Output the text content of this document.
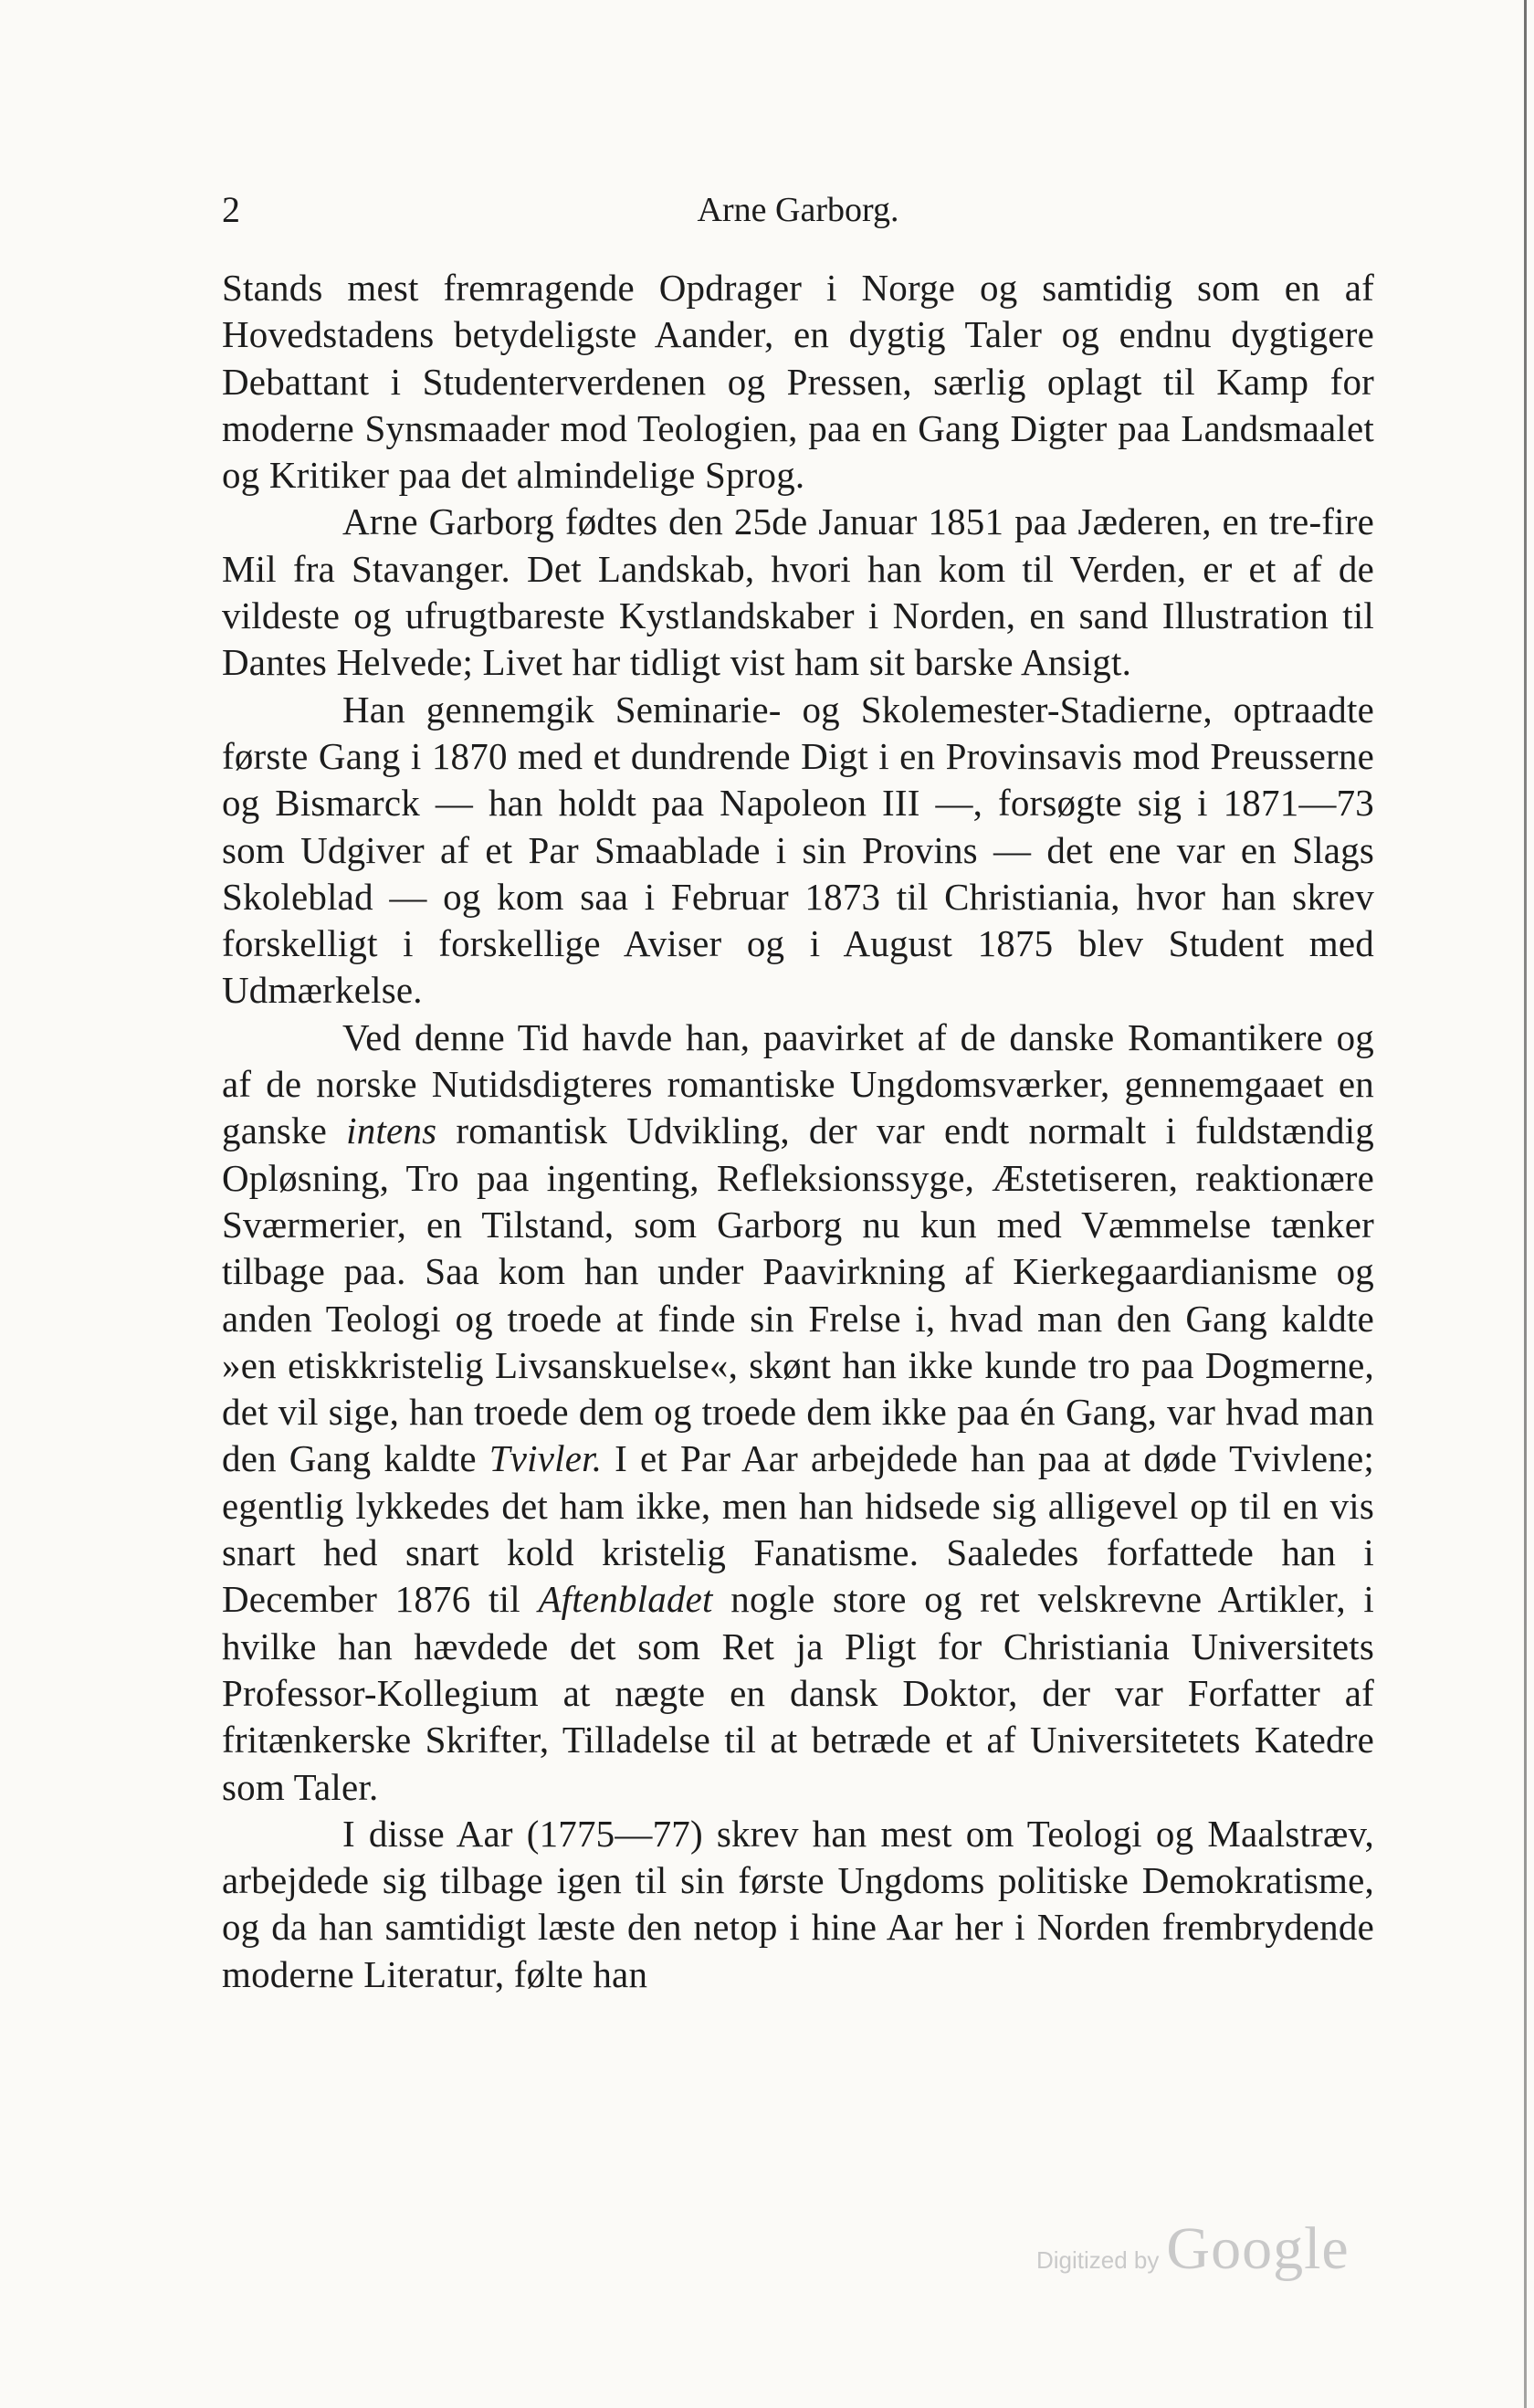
2	Arne Garborg.

Stands mest fremragende Opdrager i Norge og samtidig som en af Hovedstadens betydeligste Aander, en dygtig Taler og endnu dygtigere Debattant i Studenterverdenen og Pressen, særlig oplagt til Kamp for moderne Synsmaader mod Teologien, paa en Gang Digter paa Landsmaalet og Kritiker paa det almindelige Sprog.

Arne Garborg fødtes den 25de Januar 1851 paa Jæderen, en tre-fire Mil fra Stavanger. Det Landskab, hvori han kom til Verden, er et af de vildeste og ufrugtbareste Kystlandskaber i Norden, en sand Illustration til Dantes Helvede; Livet har tidligt vist ham sit barske Ansigt.

Han gennemgik Seminarie- og Skolemester-Stadierne, optraadte første Gang i 1870 med et dundrende Digt i en Provinsavis mod Preusserne og Bismarck — han holdt paa Napoleon III —, forsøgte sig i 1871—73 som Udgiver af et Par Smaablade i sin Provins — det ene var en Slags Skoleblad — og kom saa i Februar 1873 til Christiania, hvor han skrev forskelligt i forskellige Aviser og i August 1875 blev Student med Udmærkelse.

Ved denne Tid havde han, paavirket af de danske Romantikere og af de norske Nutidsdigteres romantiske Ungdomsværker, gennemgaaet en ganske intens romantisk Udvikling, der var endt normalt i fuldstændig Opløsning, Tro paa ingenting, Refleksionssyge, Æstetiseren, reaktionære Sværmerier, en Tilstand, som Garborg nu kun med Væmmelse tænker tilbage paa. Saa kom han under Paavirkning af Kierkegaardianisme og anden Teologi og troede at finde sin Frelse i, hvad man den Gang kaldte »en etiskkristelig Livsanskuelse«, skønt han ikke kunde tro paa Dogmerne, det vil sige, han troede dem og troede dem ikke paa én Gang, var hvad man den Gang kaldte Tvivler. I et Par Aar arbejdede han paa at døde Tvivlene; egentlig lykkedes det ham ikke, men han hidsede sig alligevel op til en vis snart hed snart kold kristelig Fanatisme. Saaledes forfattede han i December 1876 til Aftenbladet nogle store og ret velskrevne Artikler, i hvilke han hævdede det som Ret ja Pligt for Christiania Universitets Professor-Kollegium at nægte en dansk Doktor, der var Forfatter af fritænkerske Skrifter, Tilladelse til at betræde et af Universitetets Katedre som Taler.

I disse Aar (1775—77) skrev han mest om Teologi og Maalstræv, arbejdede sig tilbage igen til sin første Ungdoms politiske Demokratisme, og da han samtidigt læste den netop i hine Aar her i Norden frembrydende moderne Literatur, følte han

Digitized by Google
